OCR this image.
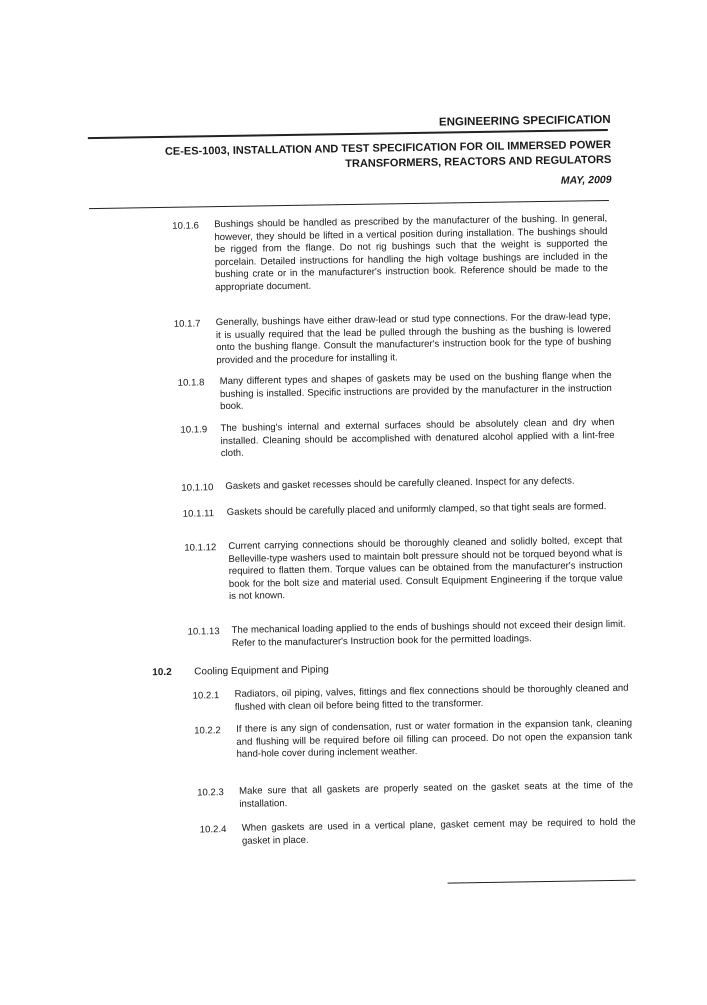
ENGINEERING SPECIFICATION
CE-ES-1003, INSTALLATION AND TEST SPECIFICATION FOR OIL IMMERSED POWER
TRANSFORMERS, REACTORS AND REGULATORS
MAY, 2009
10.1.6	Bushings should be handled as prescribed by the manufacturer of the bushing. In general, however, they should be lifted in a vertical position during installation. The bushings should be rigged from the flange. Do not rig bushings such that the weight is supported the porcelain. Detailed instructions for handling the high voltage bushings are included in the bushing crate or in the manufacturer's instruction book. Reference should be made to the appropriate document.
10.1.7	Generally, bushings have either draw-lead or stud type connections. For the draw-lead type, it is usually required that the lead be pulled through the bushing as the bushing is lowered onto the bushing flange. Consult the manufacturer's instruction book for the type of bushing provided and the procedure for installing it.
10.1.8	Many different types and shapes of gaskets may be used on the bushing flange when the bushing is installed. Specific instructions are provided by the manufacturer in the instruction book.
10.1.9	The bushing's internal and external surfaces should be absolutely clean and dry when installed. Cleaning should be accomplished with denatured alcohol applied with a lint-free cloth.
10.1.10	Gaskets and gasket recesses should be carefully cleaned. Inspect for any defects.
10.1.11	Gaskets should be carefully placed and uniformly clamped, so that tight seals are formed.
10.1.12	Current carrying connections should be thoroughly cleaned and solidly bolted, except that Belleville-type washers used to maintain bolt pressure should not be torqued beyond what is required to flatten them. Torque values can be obtained from the manufacturer's instruction book for the bolt size and material used. Consult Equipment Engineering if the torque value is not known.
10.1.13	The mechanical loading applied to the ends of bushings should not exceed their design limit. Refer to the manufacturer's Instruction book for the permitted loadings.
10.2	Cooling Equipment and Piping
10.2.1	Radiators, oil piping, valves, fittings and flex connections should be thoroughly cleaned and flushed with clean oil before being fitted to the transformer.
10.2.2	If there is any sign of condensation, rust or water formation in the expansion tank, cleaning and flushing will be required before oil filling can proceed. Do not open the expansion tank hand-hole cover during inclement weather.
10.2.3	Make sure that all gaskets are properly seated on the gasket seats at the time of the installation.
10.2.4	When gaskets are used in a vertical plane, gasket cement may be required to hold the gasket in place.
